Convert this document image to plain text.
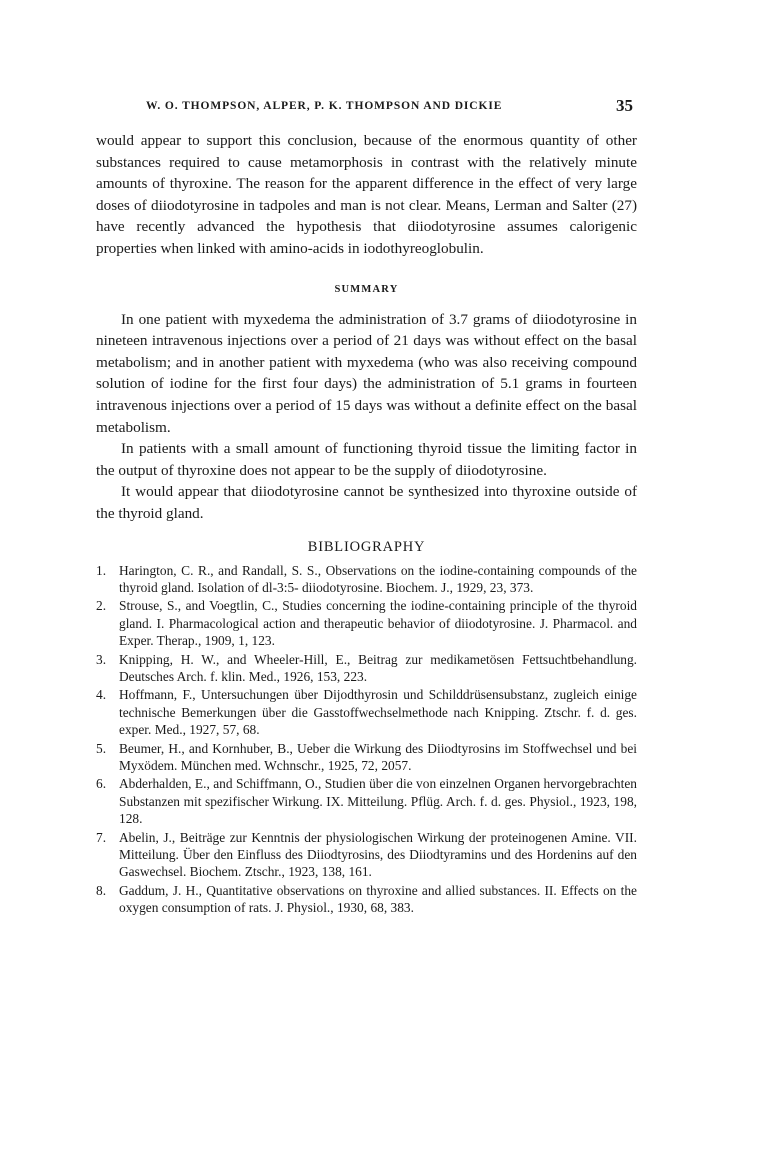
W. O. THOMPSON, ALPER, P. K. THOMPSON AND DICKIE	35

would appear to support this conclusion, because of the enormous quantity of other substances required to cause metamorphosis in contrast with the relatively minute amounts of thyroxine. The reason for the apparent difference in the effect of very large doses of diiodotyrosine in tadpoles and man is not clear. Means, Lerman and Salter (27) have recently advanced the hypothesis that diiodotyrosine assumes calorigenic properties when linked with amino-acids in iodothyreoglobulin.

SUMMARY

In one patient with myxedema the administration of 3.7 grams of diiodotyrosine in nineteen intravenous injections over a period of 21 days was without effect on the basal metabolism; and in another patient with myxedema (who was also receiving compound solution of iodine for the first four days) the administration of 5.1 grams in fourteen intravenous injections over a period of 15 days was without a definite effect on the basal metabolism.

In patients with a small amount of functioning thyroid tissue the limiting factor in the output of thyroxine does not appear to be the supply of diiodotyrosine.

It would appear that diiodotyrosine cannot be synthesized into thyroxine outside of the thyroid gland.

BIBLIOGRAPHY
1. Harington, C. R., and Randall, S. S., Observations on the iodine-containing compounds of the thyroid gland. Isolation of dl-3:5- diiodotyrosine. Biochem. J., 1929, 23, 373.
2. Strouse, S., and Voegtlin, C., Studies concerning the iodine-containing principle of the thyroid gland. I. Pharmacological action and therapeutic behavior of diiodotyrosine. J. Pharmacol. and Exper. Therap., 1909, 1, 123.
3. Knipping, H. W., and Wheeler-Hill, E., Beitrag zur medikametösen Fettsuchtbehandlung. Deutsches Arch. f. klin. Med., 1926, 153, 223.
4. Hoffmann, F., Untersuchungen über Dijodthyrosin und Schilddrüsensubstanz, zugleich einige technische Bemerkungen über die Gasstoffwechselmethode nach Knipping. Ztschr. f. d. ges. exper. Med., 1927, 57, 68.
5. Beumer, H., and Kornhuber, B., Ueber die Wirkung des Diiodtyrosins im Stoffwechsel und bei Myxödem. München med. Wchnschr., 1925, 72, 2057.
6. Abderhalden, E., and Schiffmann, O., Studien über die von einzelnen Organen hervorgebrachten Substanzen mit spezifischer Wirkung. IX. Mitteilung. Pflüg. Arch. f. d. ges. Physiol., 1923, 198, 128.
7. Abelin, J., Beiträge zur Kenntnis der physiologischen Wirkung der proteinogenen Amine. VII. Mitteilung. Über den Einfluss des Diiodtyrosins, des Diiodtyramins und des Hordenins auf den Gaswechsel. Biochem. Ztschr., 1923, 138, 161.
8. Gaddum, J. H., Quantitative observations on thyroxine and allied substances. II. Effects on the oxygen consumption of rats. J. Physiol., 1930, 68, 383.
